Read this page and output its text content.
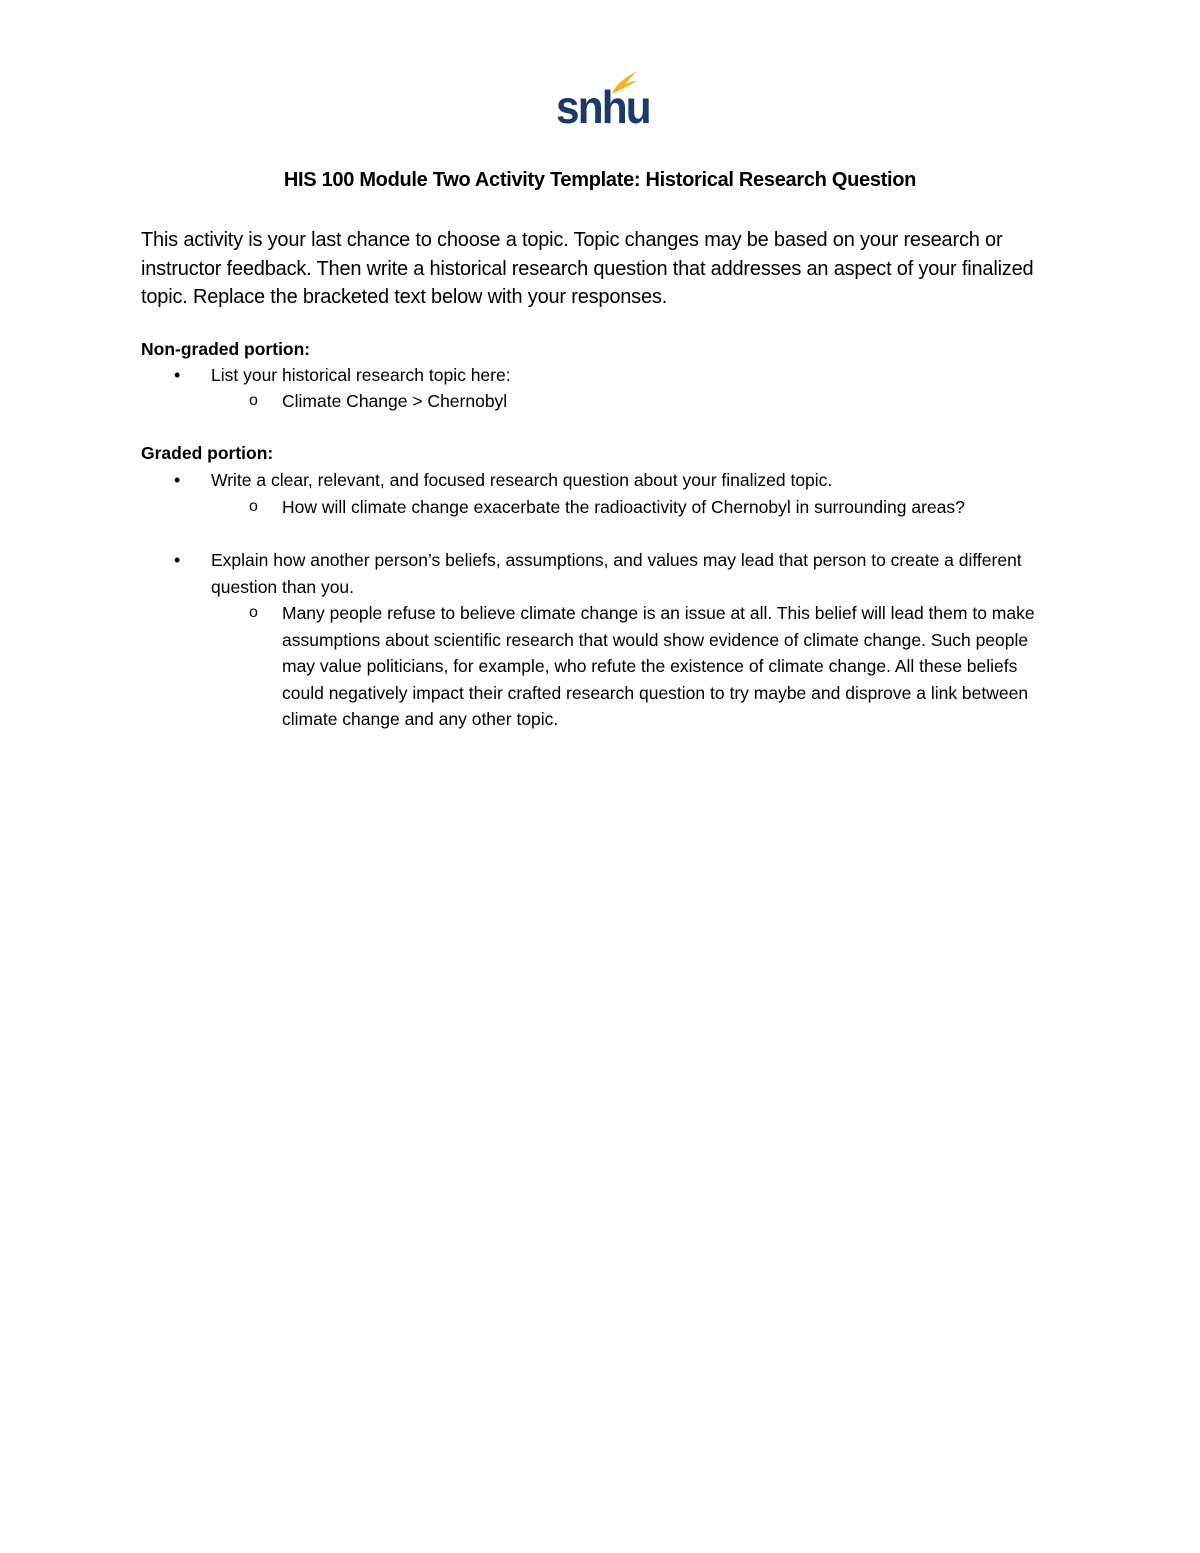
snhu
HIS 100 Module Two Activity Template: Historical Research Question
This activity is your last chance to choose a topic. Topic changes may be based on your research or instructor feedback. Then write a historical research question that addresses an aspect of your finalized topic. Replace the bracketed text below with your responses.
Non-graded portion:
• List your historical research topic here:
o Climate Change > Chernobyl
Graded portion:
• Write a clear, relevant, and focused research question about your finalized topic.
o How will climate change exacerbate the radioactivity of Chernobyl in surrounding areas?
• Explain how another person’s beliefs, assumptions, and values may lead that person to create a different question than you.
o Many people refuse to believe climate change is an issue at all. This belief will lead them to make assumptions about scientific research that would show evidence of climate change. Such people may value politicians, for example, who refute the existence of climate change. All these beliefs could negatively impact their crafted research question to try maybe and disprove a link between climate change and any other topic.
